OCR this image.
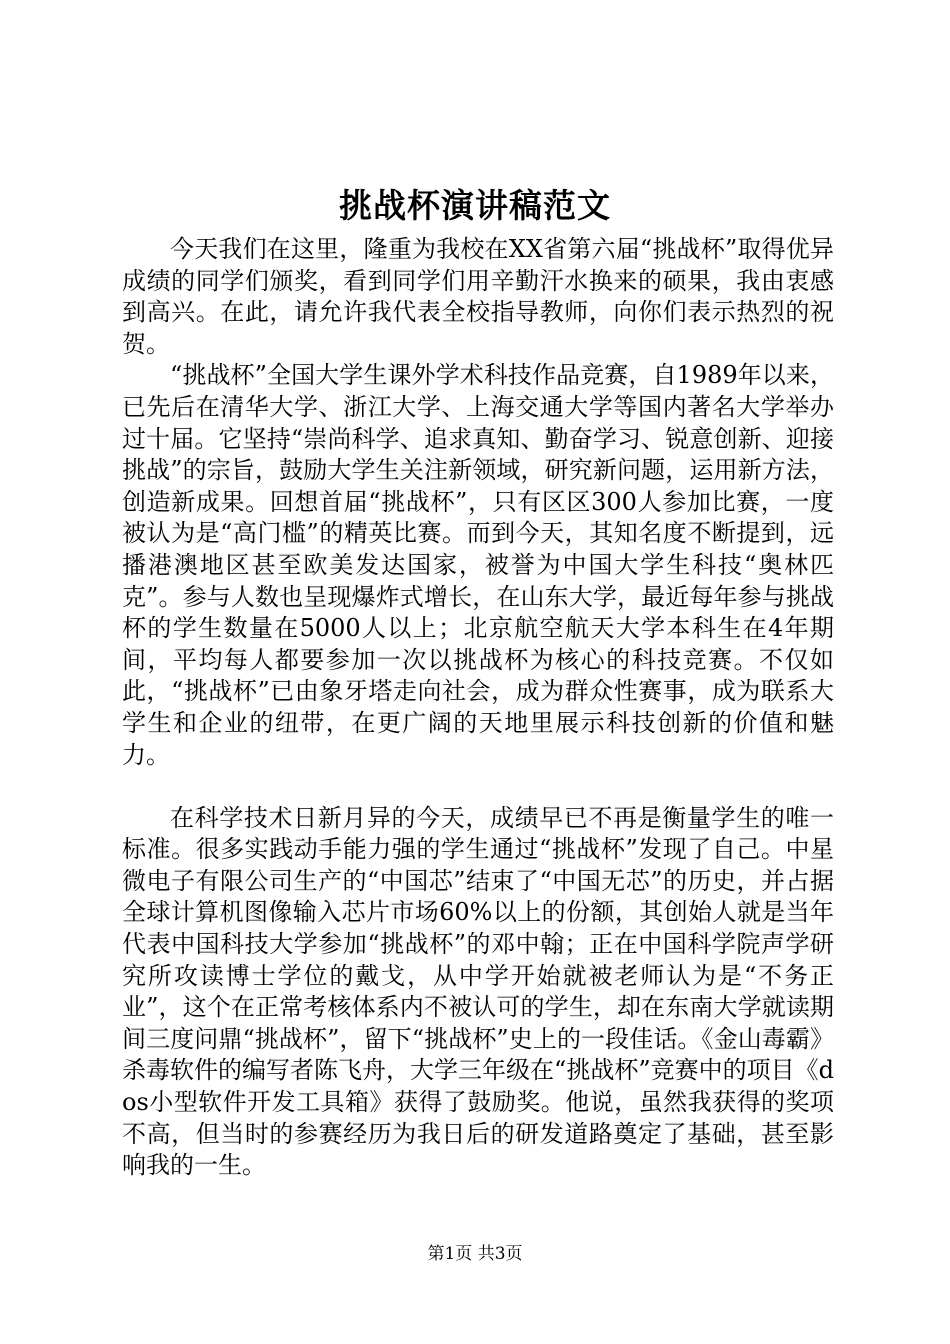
挑战杯演讲稿范文

今天我们在这里，隆重为我校在XX省第六届“挑战杯”取得优异成绩的同学们颁奖，看到同学们用辛勤汗水换来的硕果，我由衷感到高兴。在此，请允许我代表全校指导教师，向你们表示热烈的祝贺。

“挑战杯”全国大学生课外学术科技作品竞赛，自1989年以来，已先后在清华大学、浙江大学、上海交通大学等国内著名大学举办过十届。它坚持“崇尚科学、追求真知、勤奋学习、锐意创新、迎接挑战”的宗旨，鼓励大学生关注新领域，研究新问题，运用新方法，创造新成果。回想首届“挑战杯”，只有区区300人参加比赛，一度被认为是“高门槛”的精英比赛。而到今天，其知名度不断提到，远播港澳地区甚至欧美发达国家，被誉为中国大学生科技“奥林匹克”。参与人数也呈现爆炸式增长，在山东大学，最近每年参与挑战杯的学生数量在5000人以上；北京航空航天大学本科生在4年期间，平均每人都要参加一次以挑战杯为核心的科技竞赛。不仅如此，“挑战杯”已由象牙塔走向社会，成为群众性赛事，成为联系大学生和企业的纽带，在更广阔的天地里展示科技创新的价值和魅力。

在科学技术日新月异的今天，成绩早已不再是衡量学生的唯一标准。很多实践动手能力强的学生通过“挑战杯”发现了自己。中星微电子有限公司生产的“中国芯”结束了“中国无芯”的历史，并占据全球计算机图像输入芯片市场60%以上的份额，其创始人就是当年代表中国科技大学参加“挑战杯”的邓中翰；正在中国科学院声学研究所攻读博士学位的戴戈，从中学开始就被老师认为是“不务正业”，这个在正常考核体系内不被认可的学生，却在东南大学就读期间三度问鼎“挑战杯”，留下“挑战杯”史上的一段佳话。《金山毒霸》杀毒软件的编写者陈飞舟，大学三年级在“挑战杯”竞赛中的项目《dos小型软件开发工具箱》获得了鼓励奖。他说，虽然我获得的奖项不高，但当时的参赛经历为我日后的研发道路奠定了基础，甚至影响我的一生。

第1页 共3页
